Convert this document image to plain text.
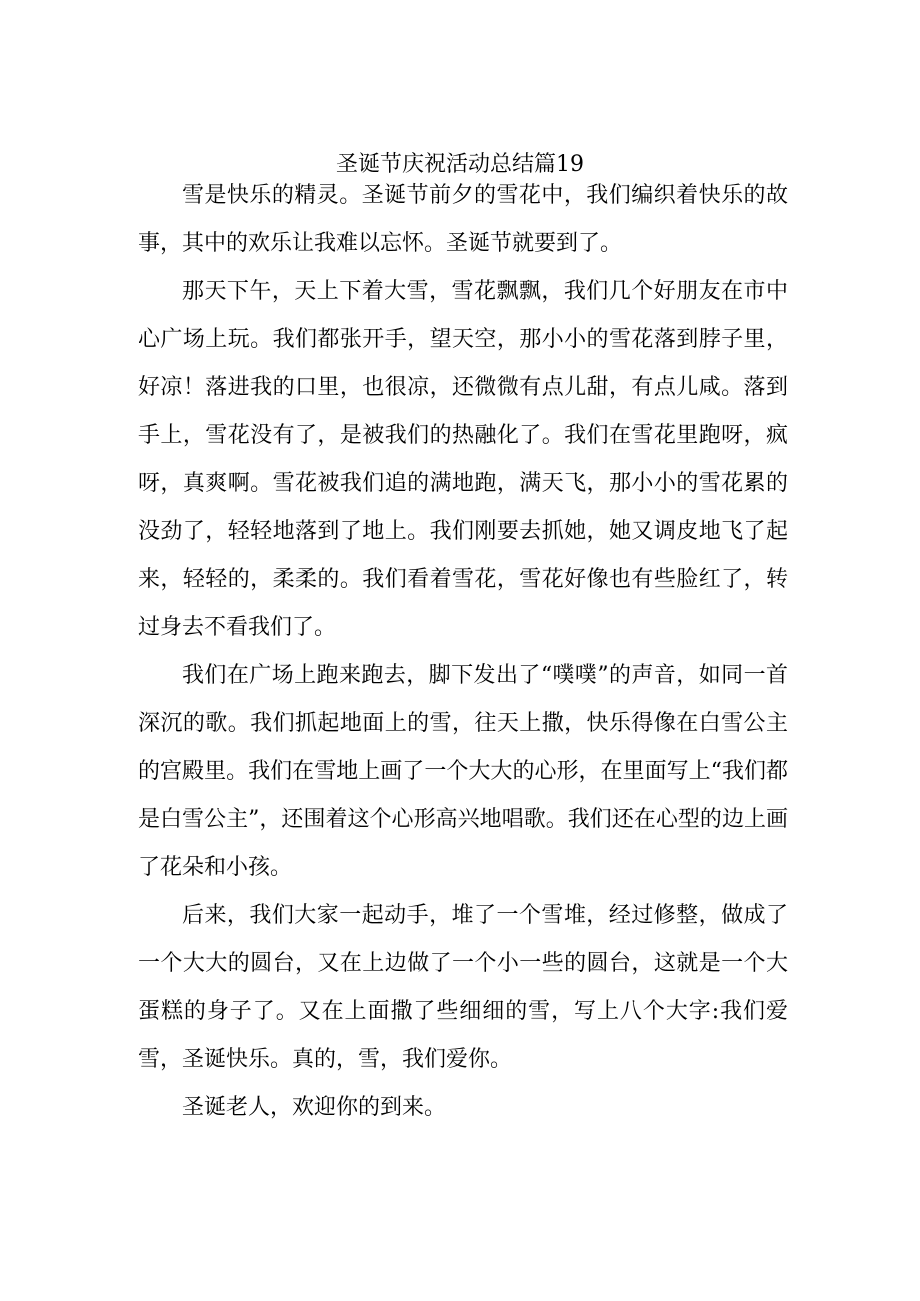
圣诞节庆祝活动总结篇19

雪是快乐的精灵。圣诞节前夕的雪花中，我们编织着快乐的故事，其中的欢乐让我难以忘怀。圣诞节就要到了。

那天下午，天上下着大雪，雪花飘飘，我们几个好朋友在市中心广场上玩。我们都张开手，望天空，那小小的雪花落到脖子里，好凉！落进我的口里，也很凉，还微微有点儿甜，有点儿咸。落到手上，雪花没有了，是被我们的热融化了。我们在雪花里跑呀，疯呀，真爽啊。雪花被我们追的满地跑，满天飞，那小小的雪花累的没劲了，轻轻地落到了地上。我们刚要去抓她，她又调皮地飞了起来，轻轻的，柔柔的。我们看着雪花，雪花好像也有些脸红了，转过身去不看我们了。

我们在广场上跑来跑去，脚下发出了“噗噗”的声音，如同一首深沉的歌。我们抓起地面上的雪，往天上撒，快乐得像在白雪公主的宫殿里。我们在雪地上画了一个大大的心形，在里面写上“我们都是白雪公主”，还围着这个心形高兴地唱歌。我们还在心型的边上画了花朵和小孩。

后来，我们大家一起动手，堆了一个雪堆，经过修整，做成了一个大大的圆台，又在上边做了一个小一些的圆台，这就是一个大蛋糕的身子了。又在上面撒了些细细的雪，写上八个大字:我们爱雪，圣诞快乐。真的，雪，我们爱你。

圣诞老人，欢迎你的到来。
